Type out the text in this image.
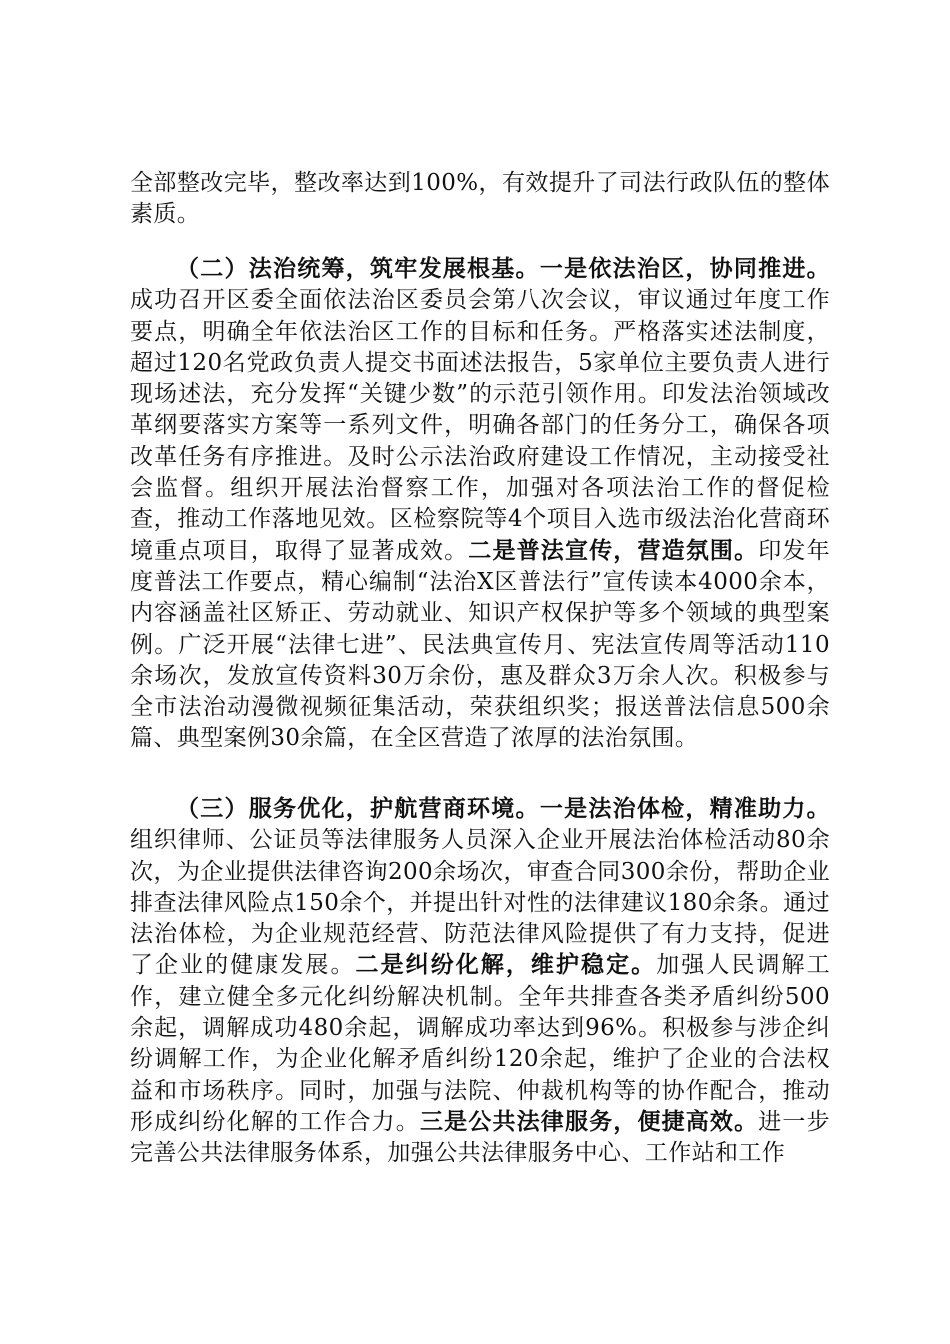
全部整改完毕，整改率达到100%，有效提升了司法行政队伍的整体素质。
（二）法治统筹，筑牢发展根基。一是依法治区，协同推进。成功召开区委全面依法治区委员会第八次会议，审议通过年度工作要点，明确全年依法治区工作的目标和任务。严格落实述法制度，超过120名党政负责人提交书面述法报告，5家单位主要负责人进行现场述法，充分发挥“关键少数”的示范引领作用。印发法治领域改革纲要落实方案等一系列文件，明确各部门的任务分工，确保各项改革任务有序推进。及时公示法治政府建设工作情况，主动接受社会监督。组织开展法治督察工作，加强对各项法治工作的督促检查，推动工作落地见效。区检察院等4个项目入选市级法治化营商环境重点项目，取得了显著成效。二是普法宣传，营造氛围。印发年度普法工作要点，精心编制“法治X区普法行”宣传读本4000余本，内容涵盖社区矫正、劳动就业、知识产权保护等多个领域的典型案例。广泛开展“法律七进”、民法典宣传月、宪法宣传周等活动110余场次，发放宣传资料30万余份，惠及群众3万余人次。积极参与全市法治动漫微视频征集活动，荣获组织奖；报送普法信息500余篇、典型案例30余篇，在全区营造了浓厚的法治氛围。
（三）服务优化，护航营商环境。一是法治体检，精准助力。组织律师、公证员等法律服务人员深入企业开展法治体检活动80余次，为企业提供法律咨询200余场次，审查合同300余份，帮助企业排查法律风险点150余个，并提出针对性的法律建议180余条。通过法治体检，为企业规范经营、防范法律风险提供了有力支持，促进了企业的健康发展。二是纠纷化解，维护稳定。加强人民调解工作，建立健全多元化纠纷解决机制。全年共排查各类矛盾纠纷500余起，调解成功480余起，调解成功率达到96%。积极参与涉企纠纷调解工作，为企业化解矛盾纠纷120余起，维护了企业的合法权益和市场秩序。同时，加强与法院、仲裁机构等的协作配合，推动形成纠纷化解的工作合力。三是公共法律服务，便捷高效。进一步完善公共法律服务体系，加强公共法律服务中心、工作站和工作
